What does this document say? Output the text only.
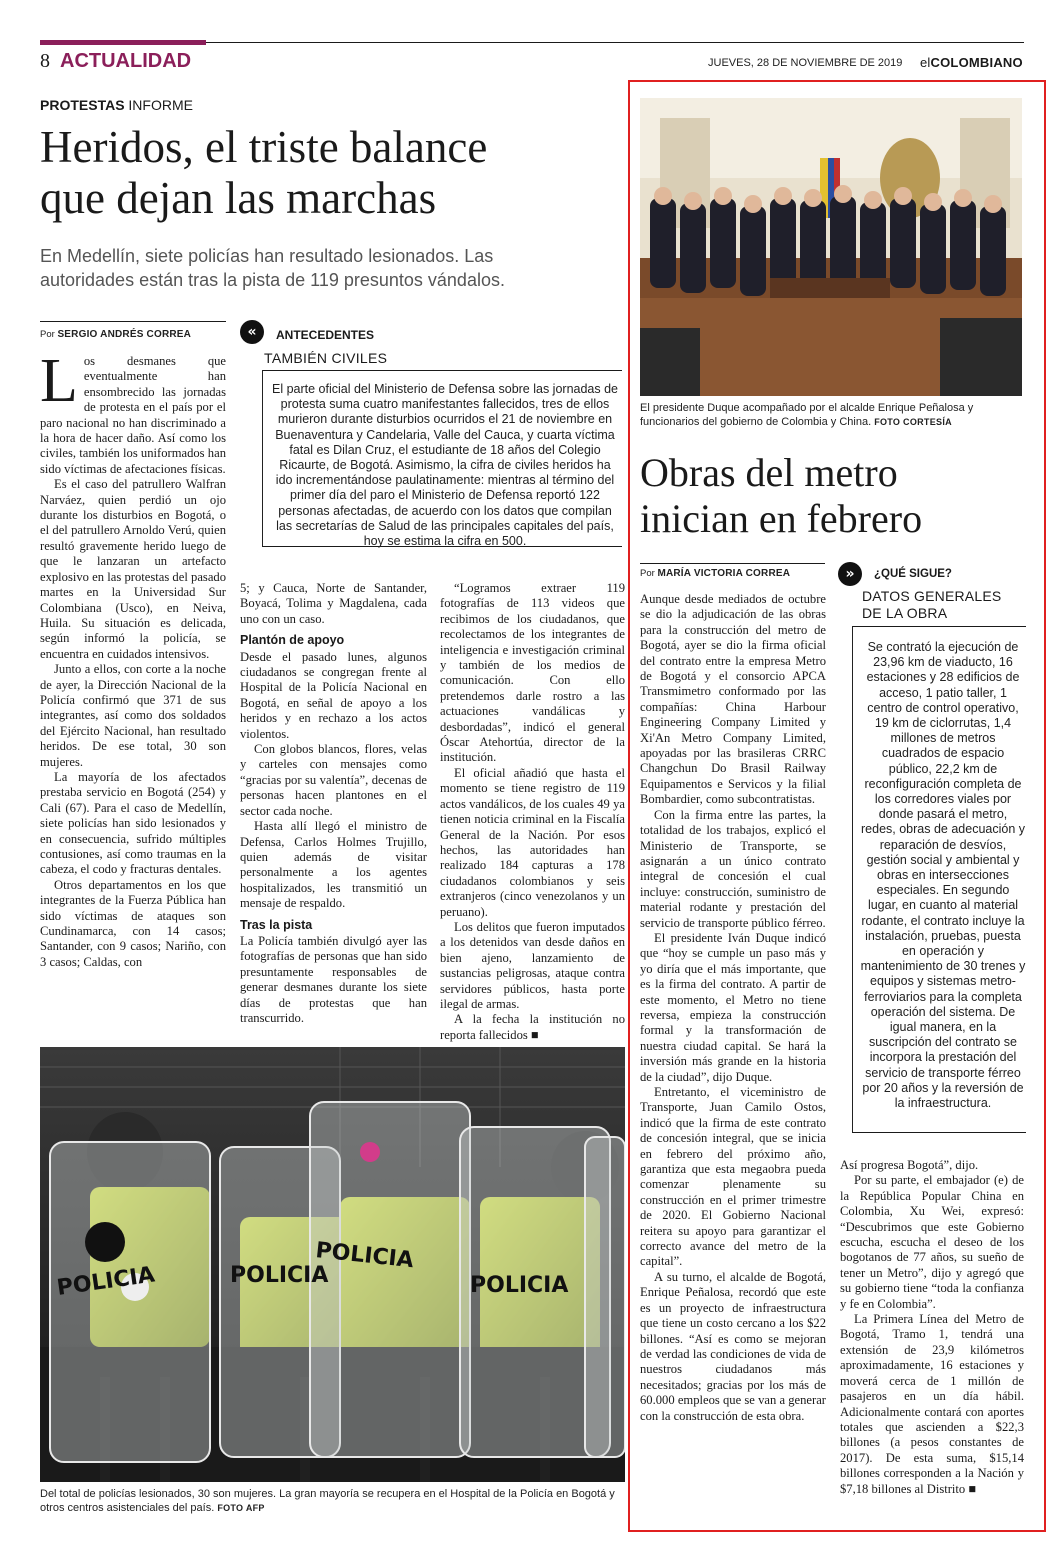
8 ACTUALIDAD	JUEVES, 28 DE NOVIEMBRE DE 2019 elCOLOMBIANO
PROTESTAS INFORME
Heridos, el triste balance
que dejan las marchas
En Medellín, siete policías han resultado lesionados. Las autoridades están tras la pista de 119 presuntos vándalos.
Por SERGIO ANDRÉS CORREA	«	ANTECEDENTES
TAMBIÉN CIVILES

El parte oficial del Ministerio de Defensa sobre las jornadas de protesta suma cuatro manifestantes fallecidos, tres de ellos murieron durante disturbios ocurridos el 21 de noviembre en Buenaventura y Candelaria, Valle del Cauca, y cuarta víctima fatal es Dilan Cruz, el estudiante de 18 años del Colegio Ricaurte, de Bogotá. Asimismo, la cifra de civiles heridos ha ido incrementándose paulatinamente: mientras al término del primer día del paro el Ministerio de Defensa reportó 122 personas afectadas, de acuerdo con los datos que compilan las secretarías de Salud de las principales capitales del país, hoy se estima la cifra en 500.

Los desmanes que eventualmente han ensombrecido las jornadas de protesta en el país por el paro nacional no han discriminado a la hora de hacer daño. Así como los civiles, también los uniformados han sido víctimas de afectaciones físicas.

Es el caso del patrullero Walfran Narváez, quien perdió un ojo durante los disturbios en Bogotá, o el del patrullero Arnoldo Verú, quien resultó gravemente herido luego de que le lanzaran un artefacto explosivo en las protestas del pasado martes en la Universidad Sur Colombiana (Usco), en Neiva, Huila. Su situación es delicada, según informó la policía, se encuentra en cuidados intensivos.

Junto a ellos, con corte a la noche de ayer, la Dirección Nacional de la Policía confirmó que 371 de sus integrantes, así como dos soldados del Ejército Nacional, han resultado heridos. De ese total, 30 son mujeres.

La mayoría de los afectados prestaba servicio en Bogotá (254) y Cali (67). Para el caso de Medellín, siete policías han sido lesionados y en consecuencia, sufrido múltiples contusiones, así como traumas en la cabeza, el codo y fracturas dentales.

Otros departamentos en los que integrantes de la Fuerza Pública han sido víctimas de ataques son Cundinamarca, con 14 casos; Santander, con 9 casos; Nariño, con 3 casos; Caldas, con

5; y Cauca, Norte de Santander, Boyacá, Tolima y Magdalena, cada uno con un caso.

Plantón de apoyo

Desde el pasado lunes, algunos ciudadanos se congregan frente al Hospital de la Policía Nacional en Bogotá, en señal de apoyo a los heridos y en rechazo a los actos violentos.

Con globos blancos, flores, velas y carteles con mensajes como “gracias por su valentía”, decenas de personas hacen plantones en el sector cada noche.

Hasta allí llegó el ministro de Defensa, Carlos Holmes Trujillo, quien además de visitar personalmente a los agentes hospitalizados, les transmitió un mensaje de respaldo.

Tras la pista

La Policía también divulgó ayer las fotografías de personas que han sido presuntamente responsables de generar desmanes durante los siete días de protestas que han transcurrido.

“Logramos extraer 119 fotografías de 113 videos que recibimos de los ciudadanos, que recolectamos de los integrantes de inteligencia e investigación criminal y también de los medios de comunicación. Con ello pretendemos darle rostro a las actuaciones vandálicas y desbordadas”, indicó el general Óscar Atehortúa, director de la institución.

El oficial añadió que hasta el momento se tiene registro de 119 actos vandálicos, de los cuales 49 ya tienen noticia criminal en la Fiscalía General de la Nación. Por esos hechos, las autoridades han realizado 184 capturas a 178 ciudadanos colombianos y seis extranjeros (cinco venezolanos y un peruano).

Los delitos que fueron imputados a los detenidos van desde daños en bien ajeno, lanzamiento de sustancias peligrosas, ataque contra servidores públicos, hasta porte ilegal de armas.

A la fecha la institución no reporta fallecidos ■

POLICIA	POLICIA
POLICIA
POLICIA
Del total de policías lesionados, 30 son mujeres. La gran mayoría se recupera en el Hospital de la Policía en Bogotá y otros centros asistenciales del país. FOTO AFP
El presidente Duque acompañado por el alcalde Enrique Peñalosa y funcionarios del gobierno de Colombia y China. FOTO CORTESÍA
Obras del metro
inician en febrero
Por MARÍA VICTORIA CORREA	»	¿QUÉ SIGUE?
DATOS GENERALES
DE LA OBRA

Se contrató la ejecución de 23,96 km de viaducto, 16 estaciones y 28 edificios de acceso, 1 patio taller, 1 centro de control operativo, 19 km de ciclorrutas, 1,4 millones de metros cuadrados de espacio público, 22,2 km de reconfiguración completa de los corredores viales por donde pasará el metro, redes, obras de adecuación y reparación de desvíos, gestión social y ambiental y obras en intersecciones especiales. En segundo lugar, en cuanto al material rodante, el contrato incluye la instalación, pruebas, puesta en operación y mantenimiento de 30 trenes y equipos y sistemas metro-ferroviarios para la completa operación del sistema. De igual manera, en la suscripción del contrato se incorpora la prestación del servicio de transporte férreo por 20 años y la reversión de la infraestructura.

Aunque desde mediados de octubre se dio la adjudicación de las obras para la construcción del metro de Bogotá, ayer se dio la firma oficial del contrato entre la empresa Metro de Bogotá y el consorcio APCA Transmimetro conformado por las compañías: China Harbour Engineering Company Limited y Xi'An Metro Company Limited, apoyadas por las brasileras CRRC Changchun Do Brasil Railway Equipamentos e Servicos y la filial Bombardier, como subcontratistas.

Con la firma entre las partes, la totalidad de los trabajos, explicó el Ministerio de Transporte, se asignarán a un único contrato integral de concesión el cual incluye: construcción, suministro de material rodante y prestación del servicio de transporte público férreo.

El presidente Iván Duque indicó que “hoy se cumple un paso más y yo diría que el más importante, que es la firma del contrato. A partir de este momento, el Metro no tiene reversa, empieza la construcción formal y la transformación de nuestra ciudad capital. Se hará la inversión más grande en la historia de la ciudad”, dijo Duque.

Entretanto, el viceministro de Transporte, Juan Camilo Ostos, indicó que la firma de este contrato de concesión integral, que se inicia en febrero del próximo año, garantiza que esta megaobra pueda comenzar plenamente su construcción en el primer trimestre de 2020. El Gobierno Nacional reitera su apoyo para garantizar el correcto avance del metro de la capital”.

A su turno, el alcalde de Bogotá, Enrique Peñalosa, recordó que este es un proyecto de infraestructura que tiene un costo cercano a los $22 billones. “Así es como se mejoran de verdad las condiciones de vida de nuestros ciudadanos más necesitados; gracias por los más de 60.000 empleos que se van a generar con la construcción de esta obra.

Así progresa Bogotá”, dijo.

Por su parte, el embajador (e) de la República Popular China en Colombia, Xu Wei, expresó: “Descubrimos que este Gobierno escucha, escucha el deseo de los bogotanos de 77 años, su sueño de tener un Metro”, dijo y agregó que su gobierno tiene “toda la confianza y fe en Colombia”.

La Primera Línea del Metro de Bogotá, Tramo 1, tendrá una extensión de 23,9 kilómetros aproximadamente, 16 estaciones y moverá cerca de 1 millón de pasajeros en un día hábil. Adicionalmente contará con aportes totales que ascienden a $22,3 billones (a pesos constantes de 2017). De esta suma, $15,14 billones corresponden a la Nación y $7,18 billones al Distrito ■
